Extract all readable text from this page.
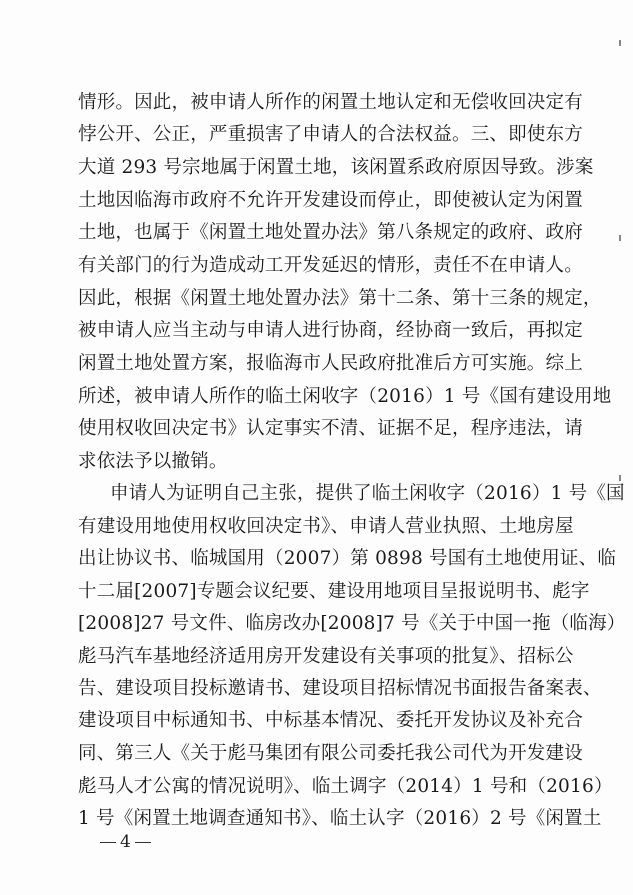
情形。因此，被申请人所作的闲置土地认定和无偿收回决定有
悖公开、公正，严重损害了申请人的合法权益。三、即使东方
大道 293 号宗地属于闲置土地，该闲置系政府原因导致。涉案
土地因临海市政府不允许开发建设而停止，即使被认定为闲置
土地，也属于《闲置土地处置办法》第八条规定的政府、政府
有关部门的行为造成动工开发延迟的情形，责任不在申请人。
因此，根据《闲置土地处置办法》第十二条、第十三条的规定，
被申请人应当主动与申请人进行协商，经协商一致后，再拟定
闲置土地处置方案，报临海市人民政府批准后方可实施。综上
所述，被申请人所作的临土闲收字（2016）1 号《国有建设用地
使用权收回决定书》认定事实不清、证据不足，程序违法，请
求依法予以撤销。
申请人为证明自己主张，提供了临土闲收字（2016）1 号《国
有建设用地使用权收回决定书》、申请人营业执照、土地房屋
出让协议书、临城国用（2007）第 0898 号国有土地使用证、临
十二届[2007]专题会议纪要、建设用地项目呈报说明书、彪字
[2008]27 号文件、临房改办[2008]7 号《关于中国一拖（临海）
彪马汽车基地经济适用房开发建设有关事项的批复》、招标公
告、建设项目投标邀请书、建设项目招标情况书面报告备案表、
建设项目中标通知书、中标基本情况、委托开发协议及补充合
同、第三人《关于彪马集团有限公司委托我公司代为开发建设
彪马人才公寓的情况说明》、临土调字（2014）1 号和（2016）
1 号《闲置土地调查通知书》、临土认字（2016）2 号《闲置土
4
